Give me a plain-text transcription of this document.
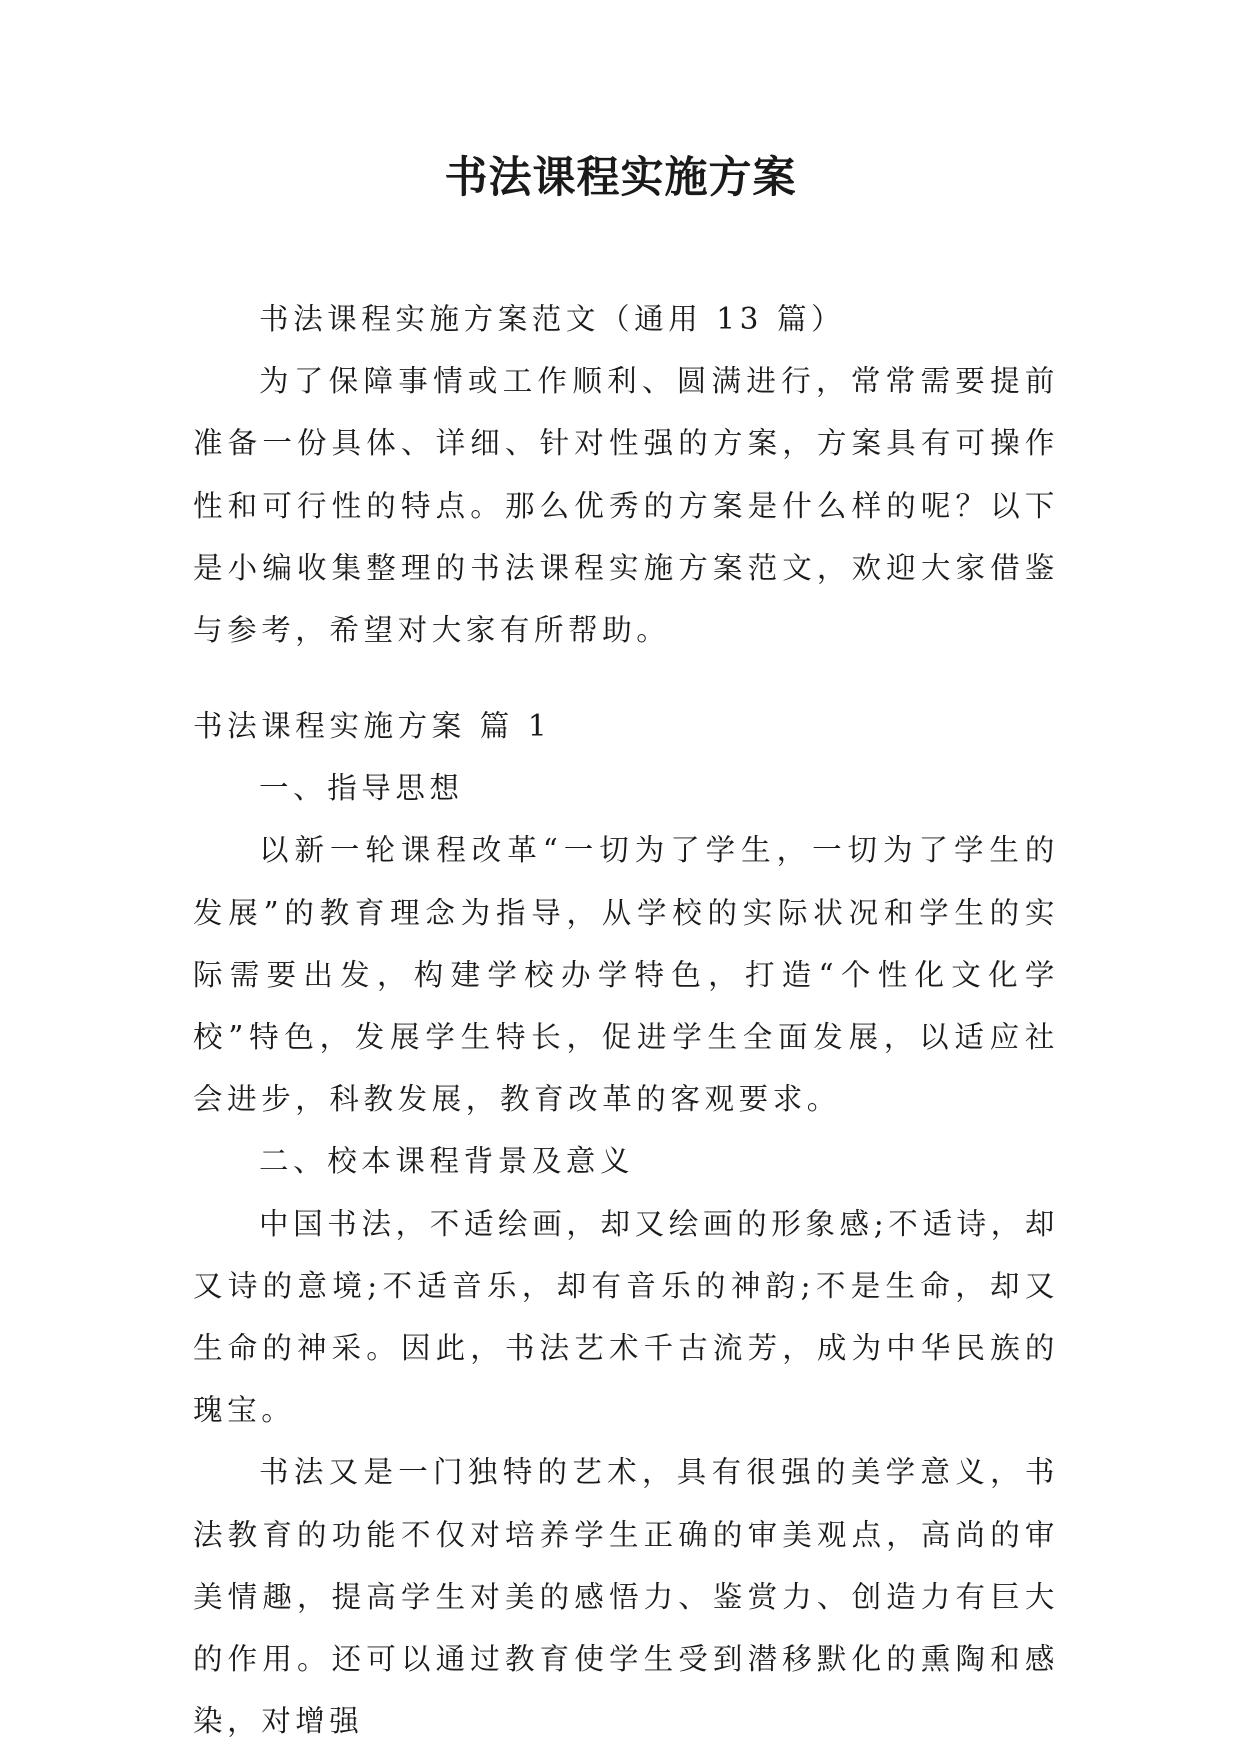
书法课程实施方案

书法课程实施方案范文（通用 13 篇）

为了保障事情或工作顺利、圆满进行，常常需要提前准备一份具体、详细、针对性强的方案，方案具有可操作性和可行性的特点。那么优秀的方案是什么样的呢？以下是小编收集整理的书法课程实施方案范文，欢迎大家借鉴与参考，希望对大家有所帮助。

书法课程实施方案 篇 1

一、指导思想

以新一轮课程改革“一切为了学生，一切为了学生的发展”的教育理念为指导，从学校的实际状况和学生的实际需要出发，构建学校办学特色，打造“个性化文化学校”特色，发展学生特长，促进学生全面发展，以适应社会进步，科教发展，教育改革的客观要求。

二、校本课程背景及意义

中国书法，不适绘画，却又绘画的形象感;不适诗，却又诗的意境;不适音乐，却有音乐的神韵;不是生命，却又生命的神采。因此，书法艺术千古流芳，成为中华民族的瑰宝。

书法又是一门独特的艺术，具有很强的美学意义，书法教育的功能不仅对培养学生正确的审美观点，高尚的审美情趣，提高学生对美的感悟力、鉴赏力、创造力有巨大的作用。还可以通过教育使学生受到潜移默化的熏陶和感染，对增强
